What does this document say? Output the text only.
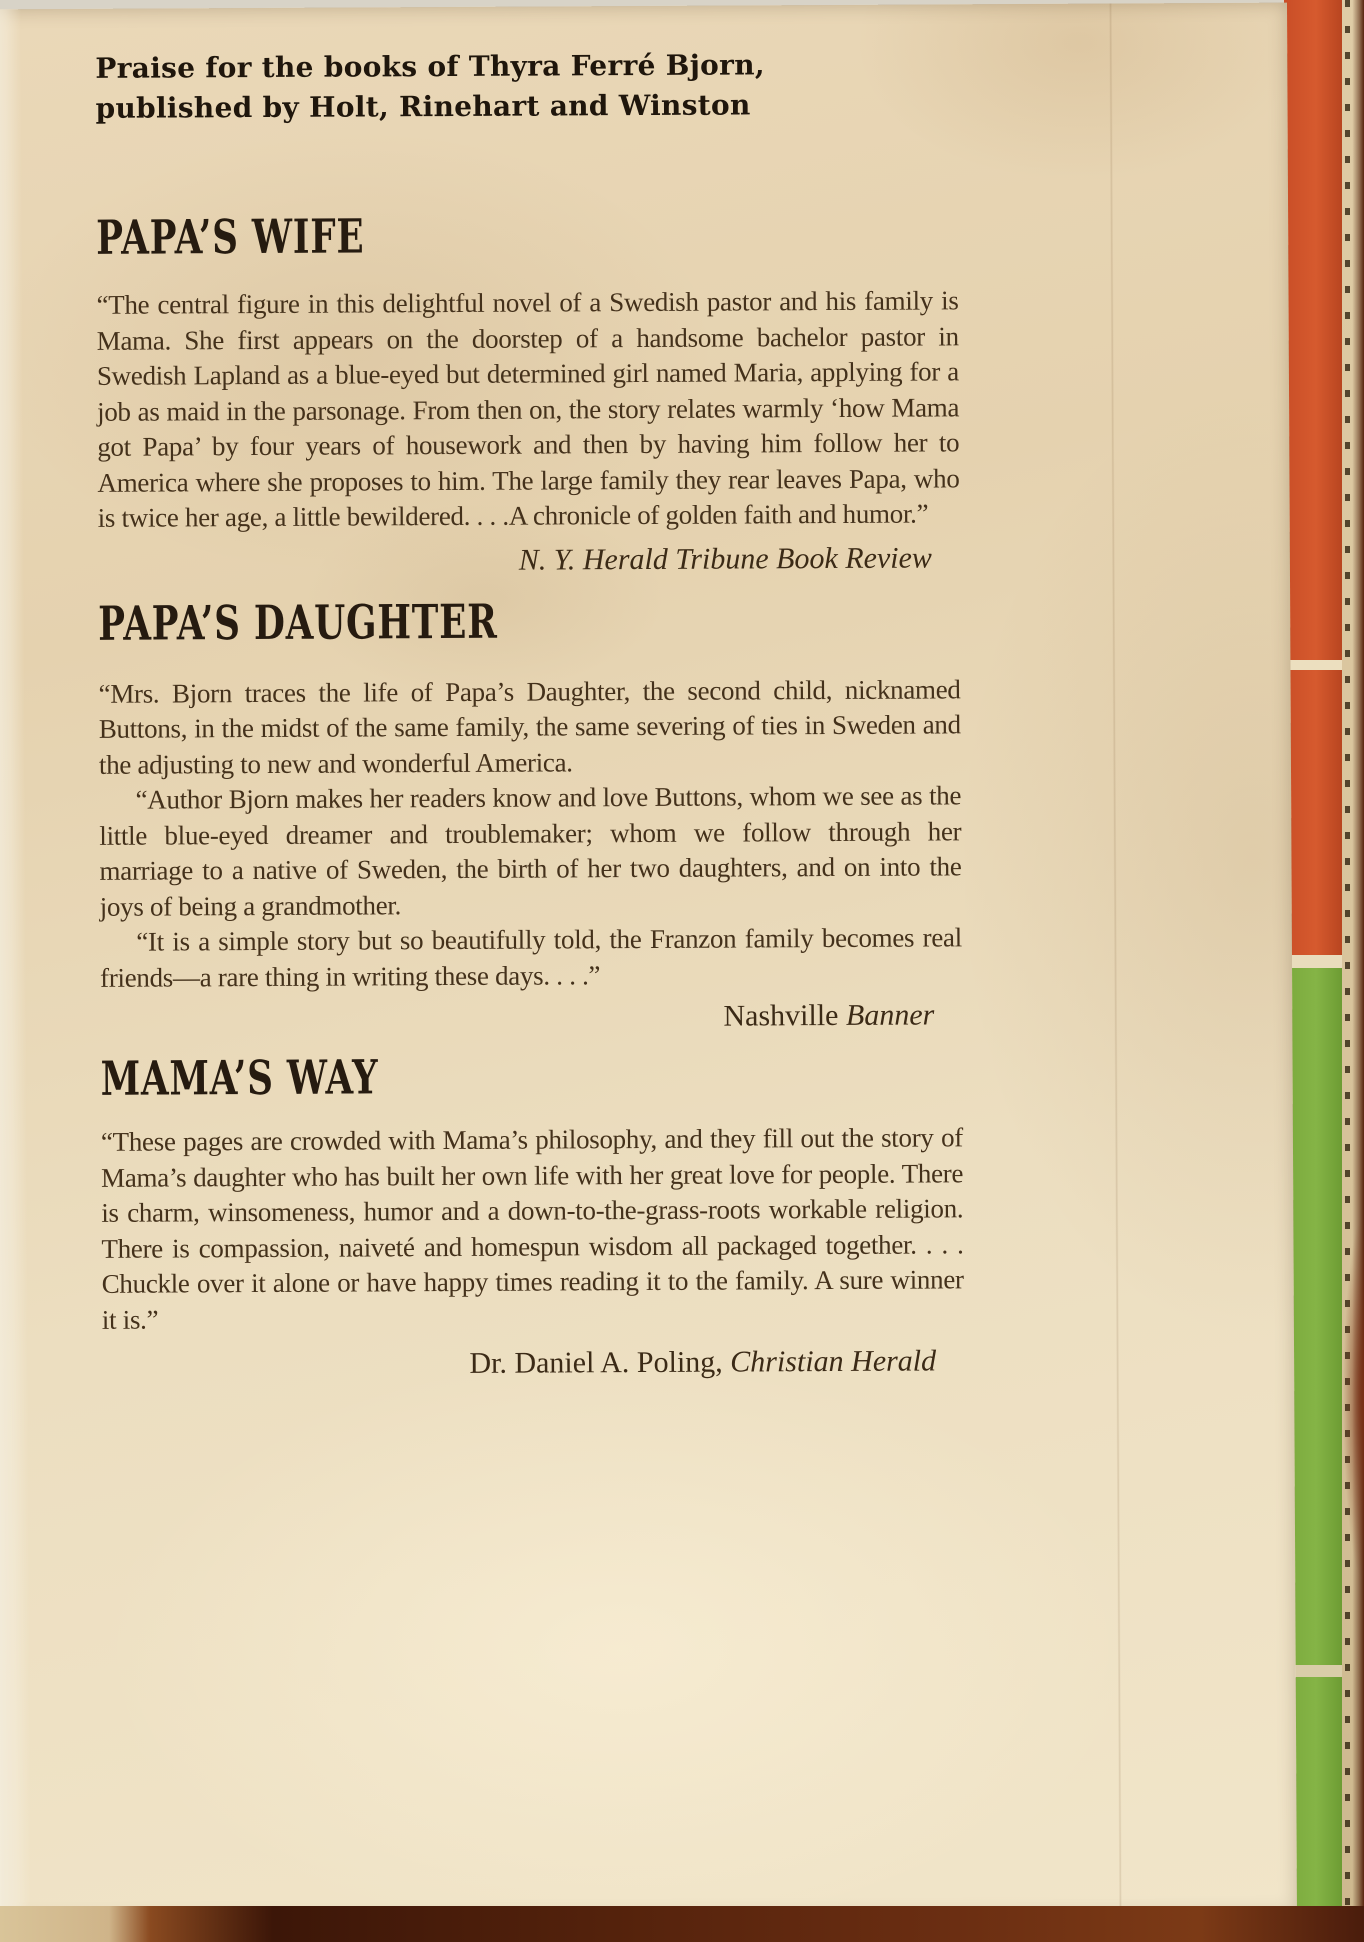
Praise for the books of Thyra Ferré Bjorn,
published by Holt, Rinehart and Winston
PAPA’S WIFE

“The central figure in this delightful novel of a Swedish pastor and his family is Mama. She first appears on the doorstep of a handsome bachelor pastor in Swedish Lapland as a blue-eyed but determined girl named Maria, applying for a job as maid in the parsonage. From then on, the story relates warmly ‘how Mama got Papa’ by four years of housework and then by having him follow her to America where she proposes to him. The large family they rear leaves Papa, who is twice her age, a little bewildered. . . .A chronicle of golden faith and humor.”

N. Y. Herald Tribune Book Review
PAPA’S DAUGHTER

“Mrs. Bjorn traces the life of Papa’s Daughter, the second child, nicknamed Buttons, in the midst of the same family, the same severing of ties in Sweden and the adjusting to new and wonderful America.

“Author Bjorn makes her readers know and love Buttons, whom we see as the little blue-eyed dreamer and troublemaker; whom we follow through her marriage to a native of Sweden, the birth of her two daughters, and on into the joys of being a grandmother.

“It is a simple story but so beautifully told, the Franzon family becomes real friends—a rare thing in writing these days. . . .”

Nashville Banner
MAMA’S WAY

“These pages are crowded with Mama’s philosophy, and they fill out the story of Mama’s daughter who has built her own life with her great love for people. There is charm, winsomeness, humor and a down-to-the-grass-roots workable religion. There is compassion, naiveté and homespun wisdom all packaged together. . . . Chuckle over it alone or have happy times reading it to the family. A sure winner it is.”

Dr. Daniel A. Poling, Christian Herald
